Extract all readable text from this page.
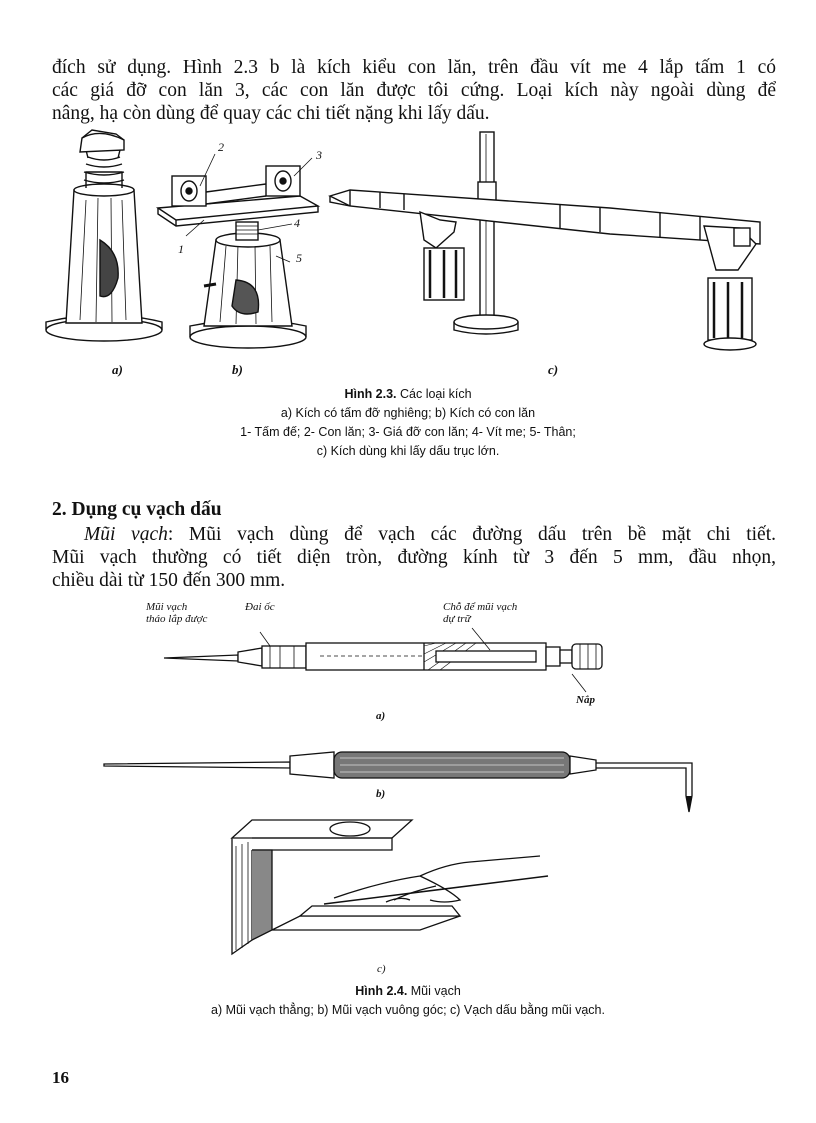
đích sử dụng. Hình 2.3 b là kích kiểu con lăn, trên đầu vít me 4 lắp tấm 1 có
các giá đỡ con lăn 3, các con lăn được tôi cứng. Loại kích này ngoài dùng để
nâng, hạ còn dùng để quay các chi tiết nặng khi lấy dấu.
2
3
4
1
5
a)	b)	c)
Hình 2.3. Các loại kích
a) Kích có tấm đỡ nghiêng; b) Kích có con lăn
1- Tấm đế; 2- Con lăn; 3- Giá đỡ con lăn; 4- Vít me; 5- Thân;
c) Kích dùng khi lấy dấu trục lớn.
2. Dụng cụ vạch dấu
Mũi vạch: Mũi vạch dùng để vạch các đường dấu trên bề mặt chi tiết.
Mũi vạch thường có tiết diện tròn, đường kính từ 3 đến 5 mm, đầu nhọn,
chiều dài từ 150 đến 300 mm.
Mũi vạch
tháo lắp được
Đai ốc	Chỗ để mũi vạch
dự trữ
Nắp
a)
b)
c)
Hình 2.4. Mũi vạch
a) Mũi vạch thẳng; b) Mũi vạch vuông góc; c) Vạch dấu bằng mũi vạch.
16
